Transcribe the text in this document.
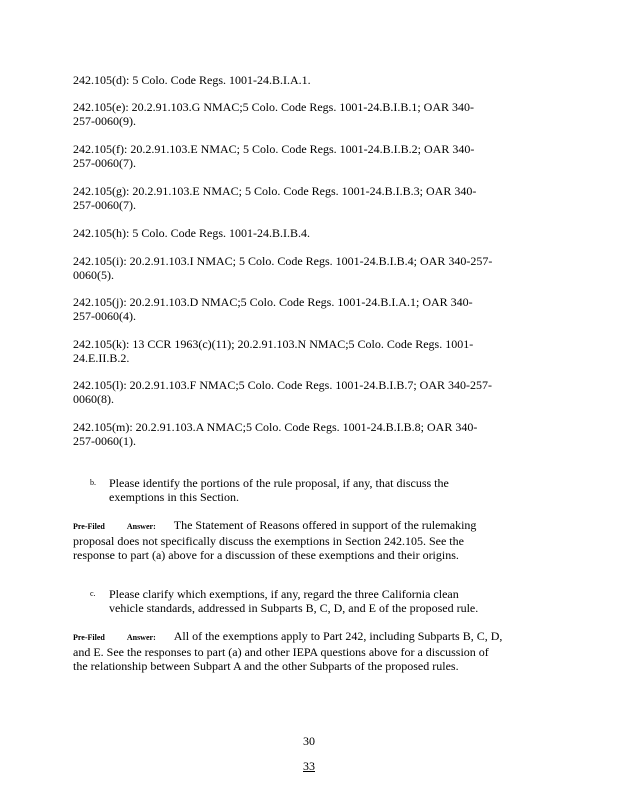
242.105(d): 5 Colo. Code Regs. 1001-24.B.I.A.1.

242.105(e): 20.2.91.103.G NMAC;5 Colo. Code Regs. 1001-24.B.I.B.1; OAR 340-257-0060(9).

242.105(f): 20.2.91.103.E NMAC; 5 Colo. Code Regs. 1001-24.B.I.B.2; OAR 340-257-0060(7).

242.105(g): 20.2.91.103.E NMAC; 5 Colo. Code Regs. 1001-24.B.I.B.3; OAR 340-257-0060(7).

242.105(h): 5 Colo. Code Regs. 1001-24.B.I.B.4.

242.105(i): 20.2.91.103.I NMAC; 5 Colo. Code Regs. 1001-24.B.I.B.4; OAR 340-257-0060(5).

242.105(j): 20.2.91.103.D NMAC;5 Colo. Code Regs. 1001-24.B.I.A.1; OAR 340-257-0060(4).

242.105(k): 13 CCR 1963(c)(11); 20.2.91.103.N NMAC;5 Colo. Code Regs. 1001-24.E.II.B.2.

242.105(l): 20.2.91.103.F NMAC;5 Colo. Code Regs. 1001-24.B.I.B.7; OAR 340-257-0060(8).

242.105(m): 20.2.91.103.A NMAC;5 Colo. Code Regs. 1001-24.B.I.B.8; OAR 340-257-0060(1).

b. Please identify the portions of the rule proposal, if any, that discuss the exemptions in this Section.

Pre-Filed	Answer: The Statement of Reasons offered in support of the rulemaking proposal does not specifically discuss the exemptions in Section 242.105. See the response to part (a) above for a discussion of these exemptions and their origins.

c. Please clarify which exemptions, if any, regard the three California clean vehicle standards, addressed in Subparts B, C, D, and E of the proposed rule.

Pre-Filed	Answer: All of the exemptions apply to Part 242, including Subparts B, C, D, and E. See the responses to part (a) and other IEPA questions above for a discussion of the relationship between Subpart A and the other Subparts of the proposed rules.

30
33
